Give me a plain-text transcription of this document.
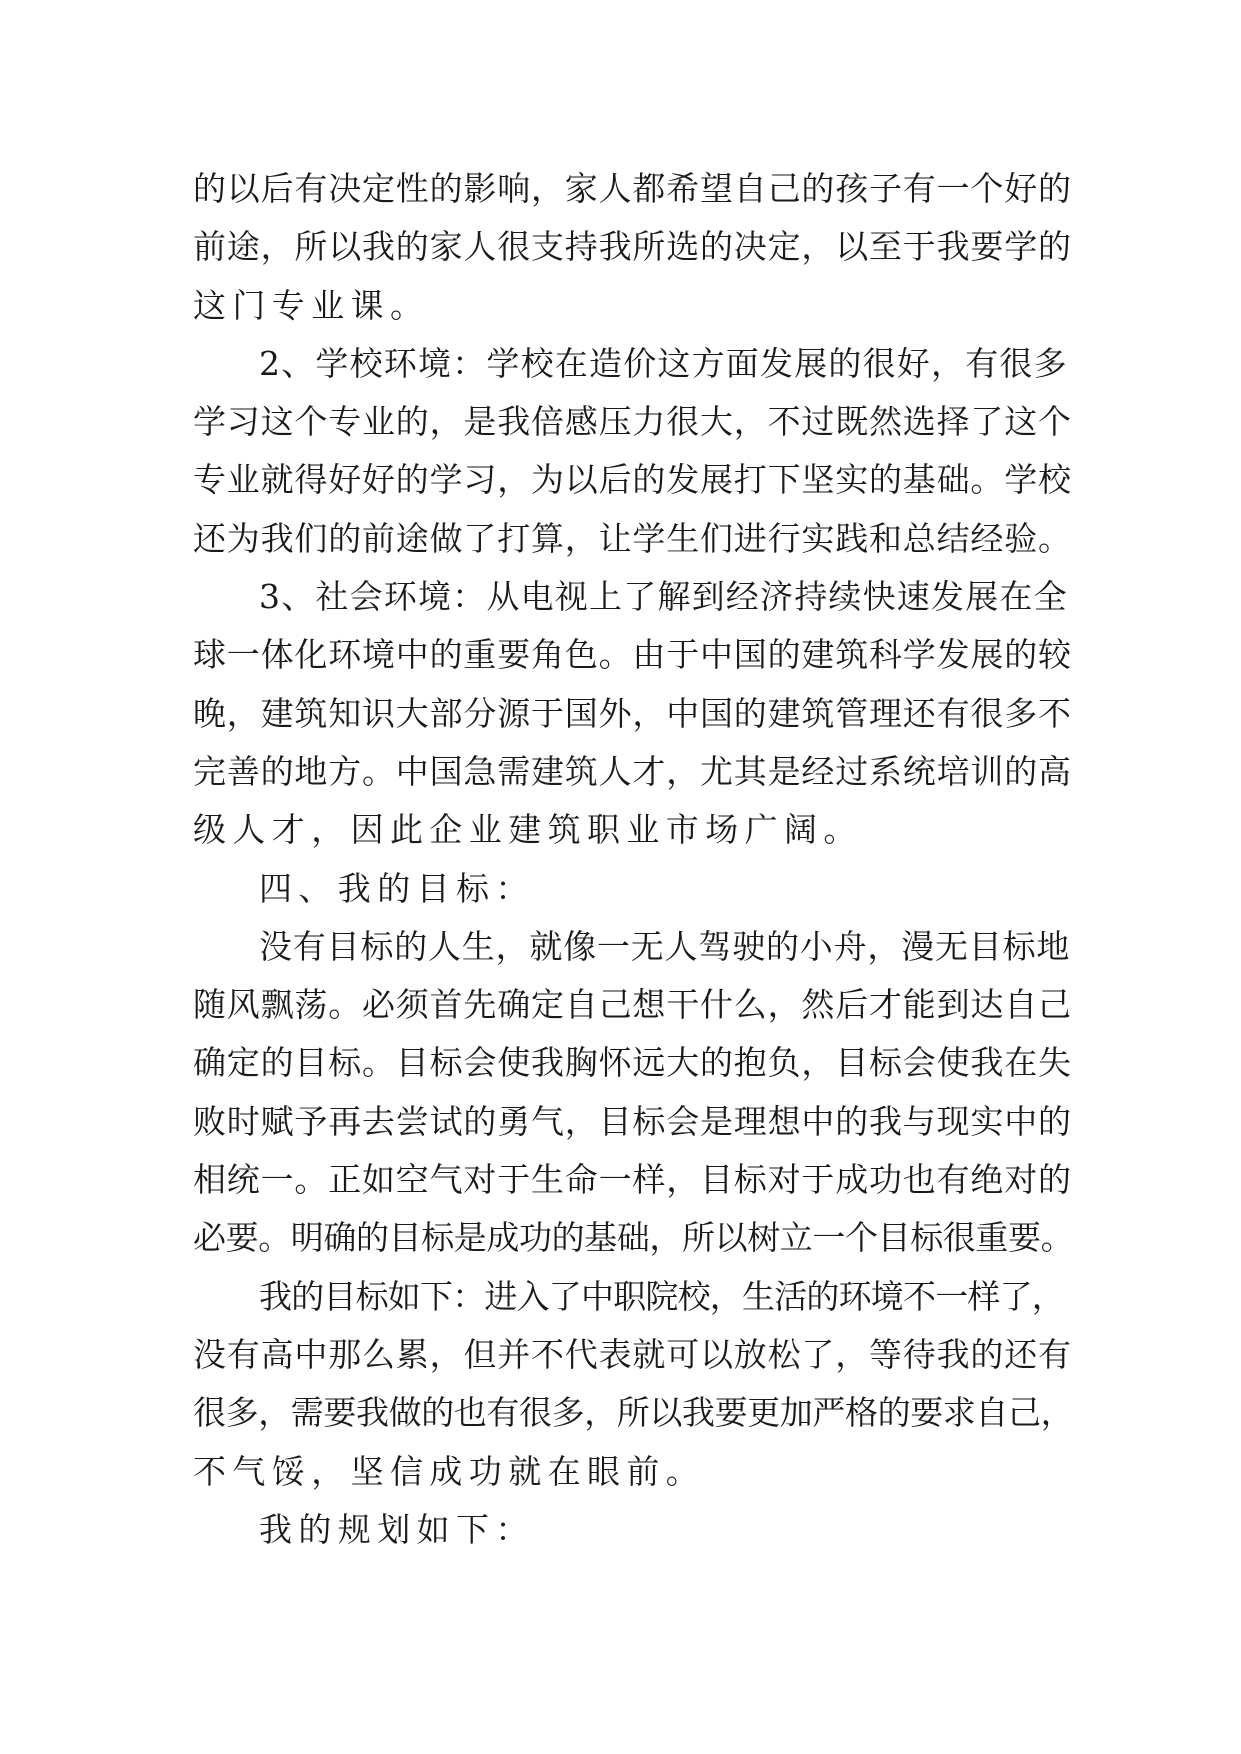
的以后有决定性的影响，家人都希望自己的孩子有一个好的
前途，所以我的家人很支持我所选的决定，以至于我要学的
这门专业课。
2、学校环境：学校在造价这方面发展的很好，有很多
学习这个专业的，是我倍感压力很大，不过既然选择了这个
专业就得好好的学习，为以后的发展打下坚实的基础。学校
还为我们的前途做了打算，让学生们进行实践和总结经验。
3、社会环境：从电视上了解到经济持续快速发展在全
球一体化环境中的重要角色。由于中国的建筑科学发展的较
晚，建筑知识大部分源于国外，中国的建筑管理还有很多不
完善的地方。中国急需建筑人才，尤其是经过系统培训的高
级人才，因此企业建筑职业市场广阔。
四、我的目标：
没有目标的人生，就像一无人驾驶的小舟，漫无目标地
随风飘荡。必须首先确定自己想干什么，然后才能到达自己
确定的目标。目标会使我胸怀远大的抱负，目标会使我在失
败时赋予再去尝试的勇气，目标会是理想中的我与现实中的
相统一。正如空气对于生命一样，目标对于成功也有绝对的
必要。明确的目标是成功的基础，所以树立一个目标很重要。
我的目标如下：进入了中职院校，生活的环境不一样了，
没有高中那么累，但并不代表就可以放松了，等待我的还有
很多，需要我做的也有很多，所以我要更加严格的要求自己，
不气馁，坚信成功就在眼前。
我的规划如下：
